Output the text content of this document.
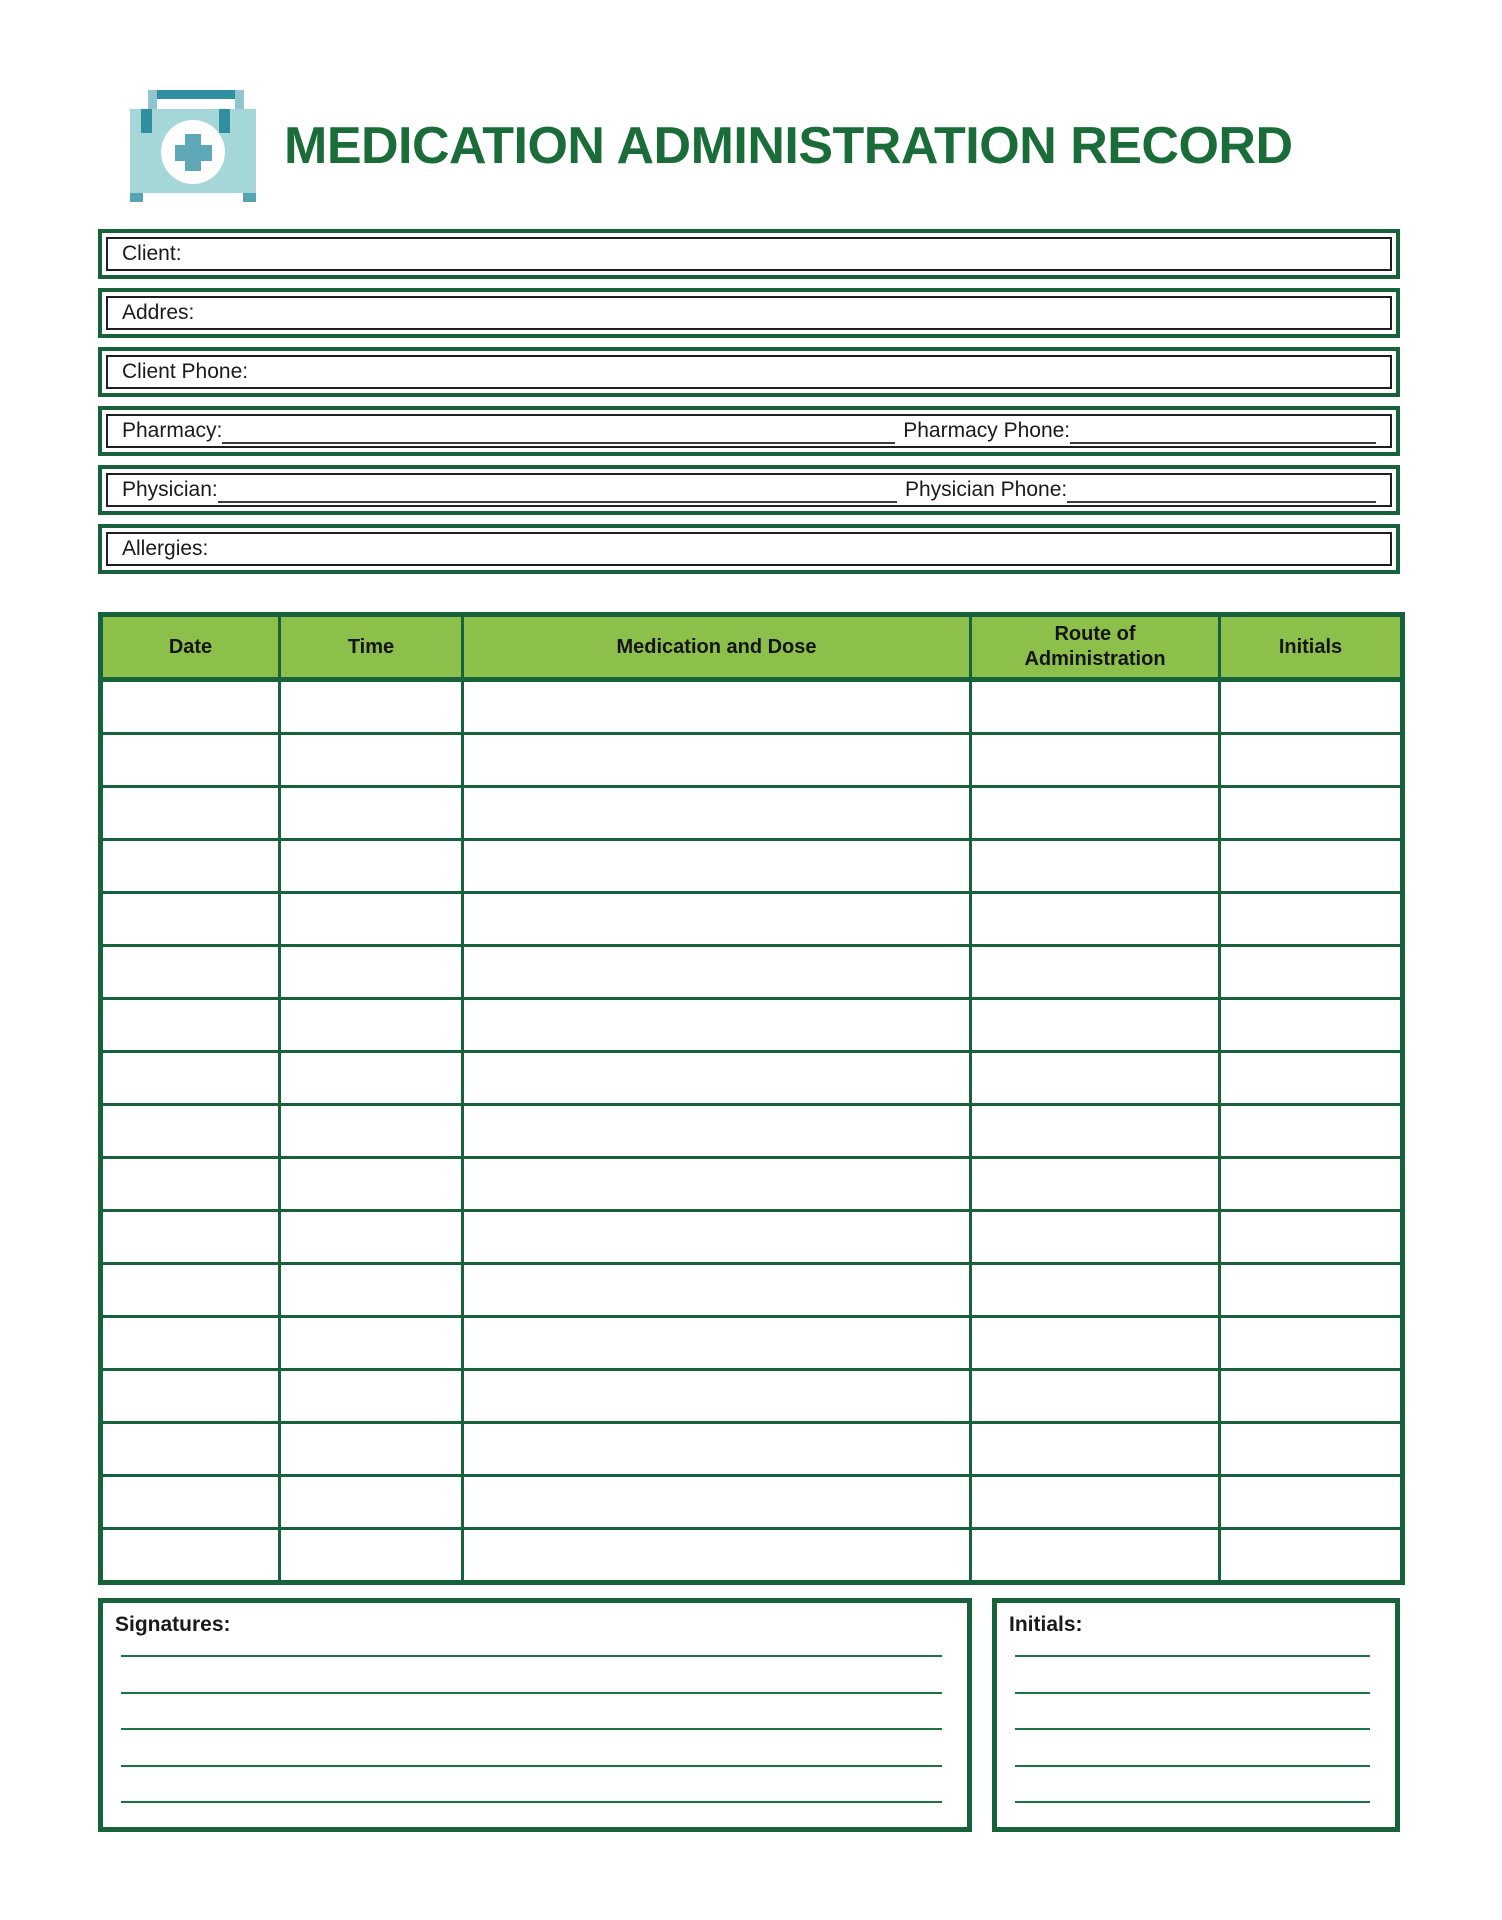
MEDICATION ADMINISTRATION RECORD
Client:
Addres:
Client Phone:
Pharmacy:	Pharmacy Phone:
Physician:	Physician Phone:
Allergies:
Date	Time	Medication and Dose	Route of Administration	Initials

Signatures:	Initials:
